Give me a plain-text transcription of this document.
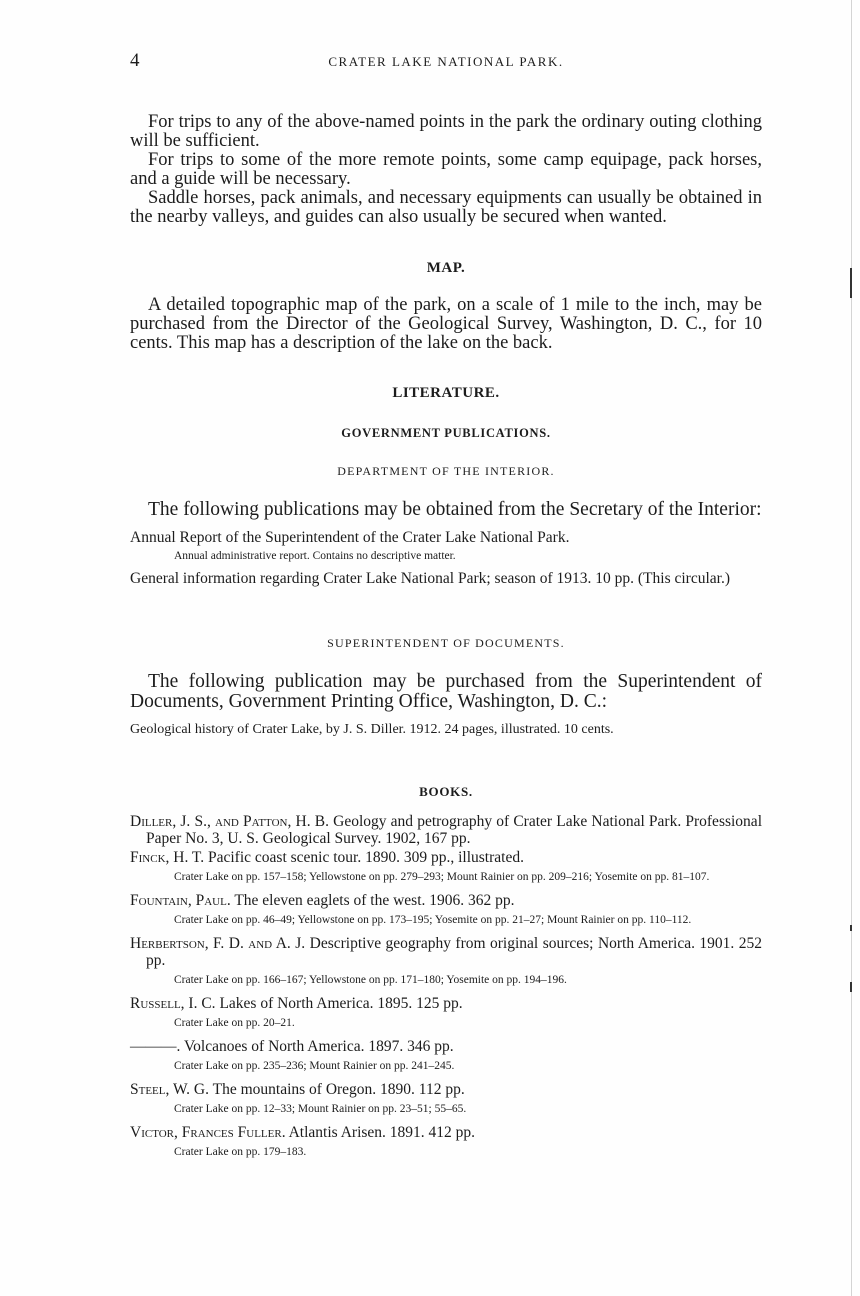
4	CRATER LAKE NATIONAL PARK.

For trips to any of the above-named points in the park the ordinary outing clothing will be sufficient.

For trips to some of the more remote points, some camp equipage, pack horses, and a guide will be necessary.

Saddle horses, pack animals, and necessary equipments can usually be obtained in the nearby valleys, and guides can also usually be secured when wanted.

MAP.

A detailed topographic map of the park, on a scale of 1 mile to the inch, may be purchased from the Director of the Geological Survey, Washington, D. C., for 10 cents. This map has a description of the lake on the back.

LITERATURE.
GOVERNMENT PUBLICATIONS.
DEPARTMENT OF THE INTERIOR.

The following publications may be obtained from the Secretary of the Interior:

Annual Report of the Superintendent of the Crater Lake National Park.

Annual administrative report. Contains no descriptive matter.

General information regarding Crater Lake National Park; season of 1913. 10 pp. (This circular.)

SUPERINTENDENT OF DOCUMENTS.

The following publication may be purchased from the Superintendent of Documents, Government Printing Office, Washington, D. C.:

Geological history of Crater Lake, by J. S. Diller. 1912. 24 pages, illustrated. 10 cents.

BOOKS.

Diller, J. S., and Patton, H. B. Geology and petrography of Crater Lake National Park. Professional Paper No. 3, U. S. Geological Survey. 1902, 167 pp.

Finck, H. T. Pacific coast scenic tour. 1890. 309 pp., illustrated.

Crater Lake on pp. 157–158; Yellowstone on pp. 279–293; Mount Rainier on pp. 209–216; Yosemite on pp. 81–107.

Fountain, Paul. The eleven eaglets of the west. 1906. 362 pp.

Crater Lake on pp. 46–49; Yellowstone on pp. 173–195; Yosemite on pp. 21–27; Mount Rainier on pp. 110–112.

Herbertson, F. D. and A. J. Descriptive geography from original sources; North America. 1901. 252 pp.

Crater Lake on pp. 166–167; Yellowstone on pp. 171–180; Yosemite on pp. 194–196.

Russell, I. C. Lakes of North America. 1895. 125 pp.

Crater Lake on pp. 20–21.

———. Volcanoes of North America. 1897. 346 pp.

Crater Lake on pp. 235–236; Mount Rainier on pp. 241–245.

Steel, W. G. The mountains of Oregon. 1890. 112 pp.

Crater Lake on pp. 12–33; Mount Rainier on pp. 23–51; 55–65.

Victor, Frances Fuller. Atlantis Arisen. 1891. 412 pp.

Crater Lake on pp. 179–183.
